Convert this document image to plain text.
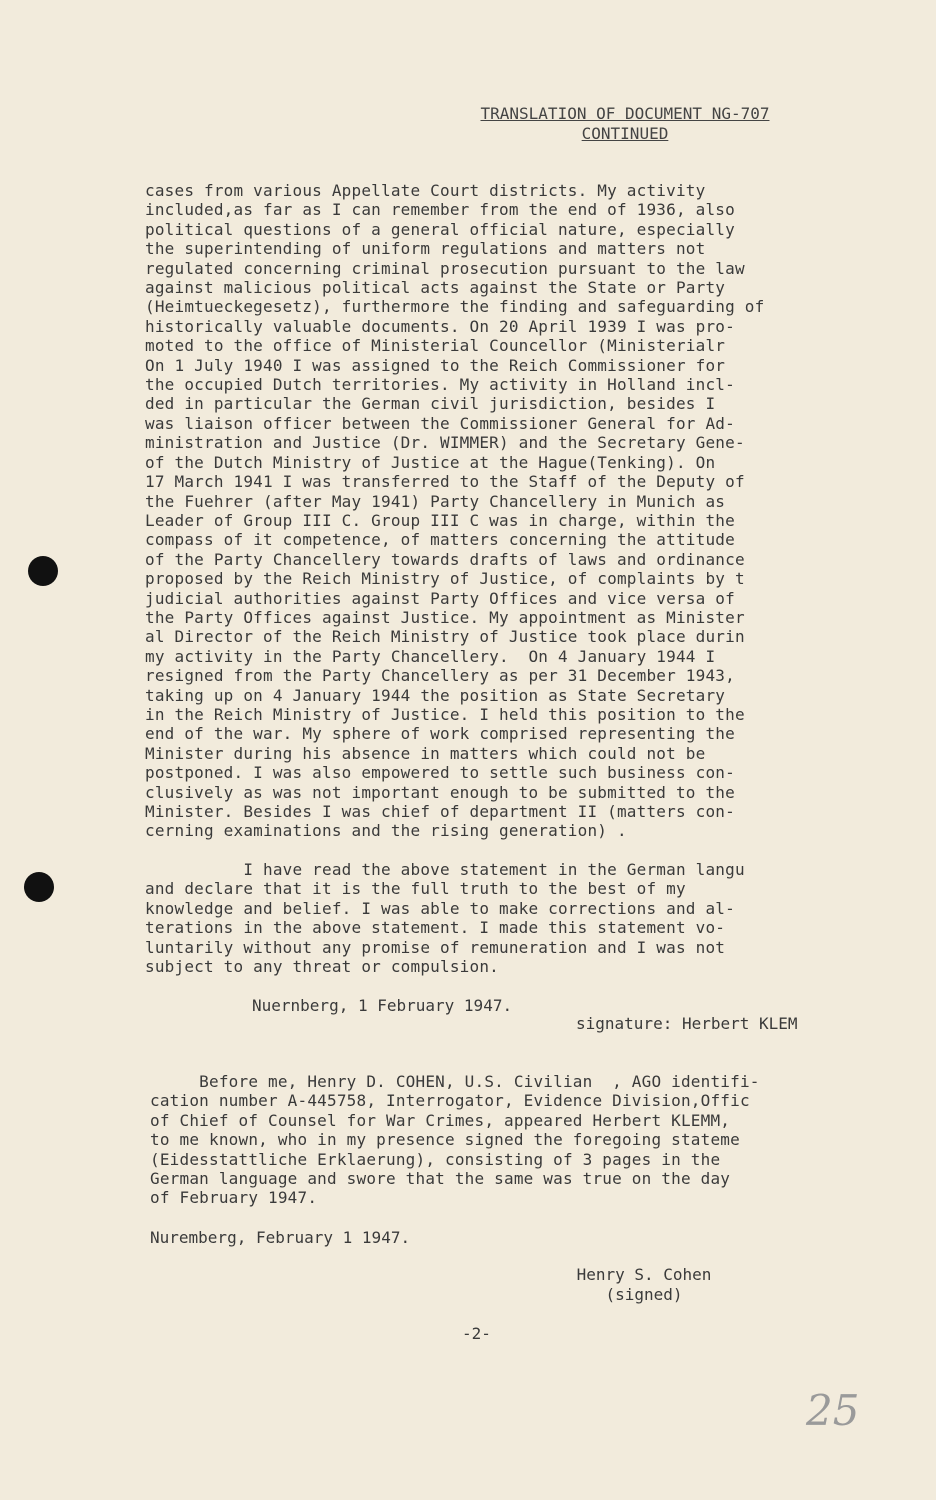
TRANSLATION OF DOCUMENT NG-707
CONTINUED
cases from various Appellate Court districts. My activity
included,as far as I can remember from the end of 1936, also
political questions of a general official nature, especially
the superintending of uniform regulations and matters not
regulated concerning criminal prosecution pursuant to the law
against malicious political acts against the State or Party
(Heimtueckegesetz), furthermore the finding and safeguarding of
historically valuable documents. On 20 April 1939 I was pro-
moted to the office of Ministerial Councellor (Ministerialr
On 1 July 1940 I was assigned to the Reich Commissioner for
the occupied Dutch territories. My activity in Holland incl-
ded in particular the German civil jurisdiction, besides I
was liaison officer between the Commissioner General for Ad-
ministration and Justice (Dr. WIMMER) and the Secretary Gene-
of the Dutch Ministry of Justice at the Hague(Tenking). On
17 March 1941 I was transferred to the Staff of the Deputy of
the Fuehrer (after May 1941) Party Chancellery in Munich as
Leader of Group III C. Group III C was in charge, within the
compass of it competence, of matters concerning the attitude
of the Party Chancellery towards drafts of laws and ordinance
proposed by the Reich Ministry of Justice, of complaints by t
judicial authorities against Party Offices and vice versa of
the Party Offices against Justice. My appointment as Minister
al Director of the Reich Ministry of Justice took place durin
my activity in the Party Chancellery.  On 4 January 1944 I
resigned from the Party Chancellery as per 31 December 1943,
taking up on 4 January 1944 the position as State Secretary
in the Reich Ministry of Justice. I held this position to the
end of the war. My sphere of work comprised representing the
Minister during his absence in matters which could not be
postponed. I was also empowered to settle such business con-
clusively as was not important enough to be submitted to the
Minister. Besides I was chief of department II (matters con-
cerning examinations and the rising generation) .
I have read the above statement in the German langu
and declare that it is the full truth to the best of my
knowledge and belief. I was able to make corrections and al-
terations in the above statement. I made this statement vo-
luntarily without any promise of remuneration and I was not
subject to any threat or compulsion.
Nuernberg, 1 February 1947.
signature: Herbert KLEM
Before me, Henry D. COHEN, U.S. Civilian  , AGO identifi-
cation number A-445758, Interrogator, Evidence Division,Offic
of Chief of Counsel for War Crimes, appeared Herbert KLEMM,
to me known, who in my presence signed the foregoing stateme
(Eidesstattliche Erklaerung), consisting of 3 pages in the
German language and swore that the same was true on the day
of February 1947.
Nuremberg, February 1 1947.
Henry S. Cohen
(signed)
-2-
25
